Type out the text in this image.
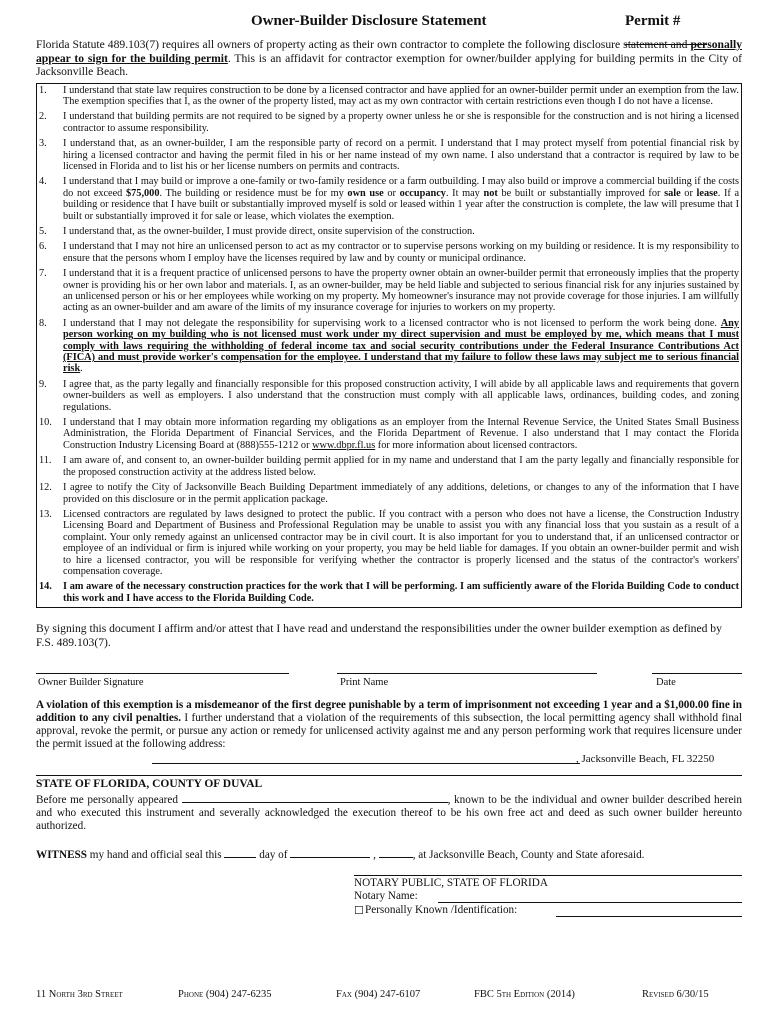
Owner-Builder Disclosure Statement	Permit #
Florida Statute 489.103(7) requires all owners of property acting as their own contractor to complete the following disclosure statement and personally appear to sign for the building permit. This is an affidavit for contractor exemption for owner/builder applying for building permits in the City of Jacksonville Beach.
1.	I understand that state law requires construction to be done by a licensed contractor and have applied for an owner-builder permit under an exemption from the law. The exemption specifies that I, as the owner of the property listed, may act as my own contractor with certain restrictions even though I do not have a license.
2.	I understand that building permits are not required to be signed by a property owner unless he or she is responsible for the construction and is not hiring a licensed contractor to assume responsibility.
3.	I understand that, as an owner-builder, I am the responsible party of record on a permit. I understand that I may protect myself from potential financial risk by hiring a licensed contractor and having the permit filed in his or her name instead of my own name. I also understand that a contractor is required by law to be licensed in Florida and to list his or her license numbers on permits and contracts.
4.	I understand that I may build or improve a one-family or two-family residence or a farm outbuilding. I may also build or improve a commercial building if the costs do not exceed $75,000. The building or residence must be for my own use or occupancy. It may not be built or substantially improved for sale or lease. If a building or residence that I have built or substantially improved myself is sold or leased within 1 year after the construction is complete, the law will presume that I built or substantially improved it for sale or lease, which violates the exemption.
5.	I understand that, as the owner-builder, I must provide direct, onsite supervision of the construction.
6.	I understand that I may not hire an unlicensed person to act as my contractor or to supervise persons working on my building or residence. It is my responsibility to ensure that the persons whom I employ have the licenses required by law and by county or municipal ordinance.
7.	I understand that it is a frequent practice of unlicensed persons to have the property owner obtain an owner-builder permit that erroneously implies that the property owner is providing his or her own labor and materials. I, as an owner-builder, may be held liable and subjected to serious financial risk for any injuries sustained by an unlicensed person or his or her employees while working on my property. My homeowner's insurance may not provide coverage for those injuries. I am willfully acting as an owner-builder and am aware of the limits of my insurance coverage for injuries to workers on my property.
8.	I understand that I may not delegate the responsibility for supervising work to a licensed contractor who is not licensed to perform the work being done. Any person working on my building who is not licensed must work under my direct supervision and must be employed by me, which means that I must comply with laws requiring the withholding of federal income tax and social security contributions under the Federal Insurance Contributions Act (FICA) and must provide worker's compensation for the employee. I understand that my failure to follow these laws may subject me to serious financial risk.
9.	I agree that, as the party legally and financially responsible for this proposed construction activity, I will abide by all applicable laws and requirements that govern owner-builders as well as employers. I also understand that the construction must comply with all applicable laws, ordinances, building codes, and zoning regulations.
10.	I understand that I may obtain more information regarding my obligations as an employer from the Internal Revenue Service, the United States Small Business Administration, the Florida Department of Financial Services, and the Florida Department of Revenue. I also understand that I may contact the Florida Construction Industry Licensing Board at (888)555-1212 or www.dbpr.fl.us for more information about licensed contractors.
11.	I am aware of, and consent to, an owner-builder building permit applied for in my name and understand that I am the party legally and financially responsible for the proposed construction activity at the address listed below.
12.	I agree to notify the City of Jacksonville Beach Building Department immediately of any additions, deletions, or changes to any of the information that I have provided on this disclosure or in the permit application package.
13.	Licensed contractors are regulated by laws designed to protect the public. If you contract with a person who does not have a license, the Construction Industry Licensing Board and Department of Business and Professional Regulation may be unable to assist you with any financial loss that you sustain as a result of a complaint. Your only remedy against an unlicensed contractor may be in civil court. It is also important for you to understand that, if an unlicensed contractor or employee of an individual or firm is injured while working on your property, you may be held liable for damages. If you obtain an owner-builder permit and wish to hire a licensed contractor, you will be responsible for verifying whether the contractor is properly licensed and the status of the contractor's workers' compensation coverage.
14.	I am aware of the necessary construction practices for the work that I will be performing. I am sufficiently aware of the Florida Building Code to conduct this work and I have access to the Florida Building Code.
By signing this document I affirm and/or attest that I have read and understand the responsibilities under the owner builder exemption as defined by F.S. 489.103(7).
Owner Builder Signature	Print Name	Date
A violation of this exemption is a misdemeanor of the first degree punishable by a term of imprisonment not exceeding 1 year and a $1,000.00 fine in addition to any civil penalties. I further understand that a violation of the requirements of this subsection, the local permitting agency shall withhold final approval, revoke the permit, or pursue any action or remedy for unlicensed activity against me and any person performing work that requires licensure under the permit issued at the following address:
, Jacksonville Beach, FL 32250
STATE OF FLORIDA, COUNTY OF DUVAL
Before me personally appeared	, known to be the individual and owner builder described herein and who executed this instrument and severally acknowledged the execution thereof to be his own free act and deed as such owner builder hereunto authorized.
WITNESS my hand and official seal this	day of	,	, at Jacksonville Beach, County and State aforesaid.
NOTARY PUBLIC, STATE OF FLORIDA
Notary Name:
☐ Personally Known /Identification:
11 North 3rd Street	Phone (904) 247-6235	Fax (904) 247-6107	FBC 5th Edition (2014)	Revised 6/30/15
